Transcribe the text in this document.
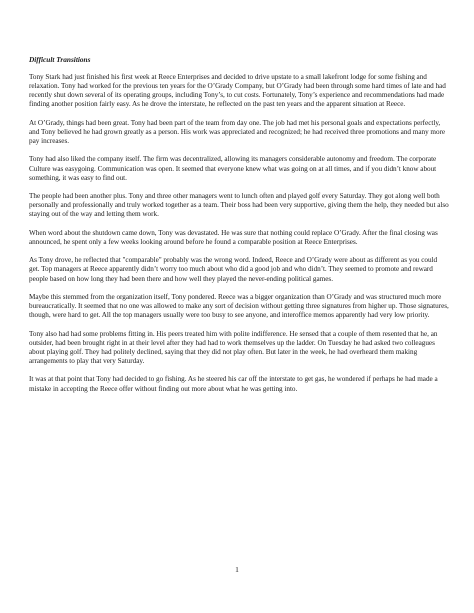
Difficult Transitions

Tony Stark had just finished his first week at Reece Enterprises and decided to drive upstate to a small lakefront lodge for some fishing and relaxation. Tony had worked for the previous ten years for the O’Grady Company, but O’Grady had been through some hard times of late and had recently shut down several of its operating groups, including Tony’s, to cut costs. Fortunately, Tony’s experience and recommendations had made finding another position fairly easy. As he drove the interstate, he reflected on the past ten years and the apparent situation at Reece.

At O’Grady, things had been great. Tony had been part of the team from day one. The job had met his personal goals and expectations perfectly, and Tony believed he had grown greatly as a person. His work was appreciated and recognized; he had received three promotions and many more pay increases.

Tony had also liked the company itself. The firm was decentralized, allowing its managers considerable autonomy and freedom. The corporate Culture was easygoing. Communication was open. It seemed that everyone knew what was going on at all times, and if you didn’t know about something, it was easy to find out.

The people had been another plus. Tony and three other managers went to lunch often and played golf every Saturday. They got along well both personally and professionally and truly worked together as a team. Their boss had been very supportive, giving them the help, they needed but also staying out of the way and letting them work.

When word about the shutdown came down, Tony was devastated. He was sure that nothing could replace O’Grady. After the final closing was announced, he spent only a few weeks looking around before he found a comparable position at Reece Enterprises.

As Tony drove, he reflected that "comparable" probably was the wrong word. Indeed, Reece and O’Grady were about as different as you could get. Top managers at Reece apparently didn’t worry too much about who did a good job and who didn’t. They seemed to promote and reward people based on how long they had been there and how well they played the never-ending political games.

Maybe this stemmed from the organization itself, Tony pondered. Reece was a bigger organization than O’Grady and was structured much more bureaucratically. It seemed that no one was allowed to make any sort of decision without getting three signatures from higher up. Those signatures, though, were hard to get. All the top managers usually were too busy to see anyone, and interoffice memos apparently had very low priority.

Tony also had had some problems fitting in. His peers treated him with polite indifference. He sensed that a couple of them resented that he, an outsider, had been brought right in at their level after they had had to work themselves up the ladder. On Tuesday he had asked two colleagues about playing golf. They had politely declined, saying that they did not play often. But later in the week, he had overheard them making arrangements to play that very Saturday.

It was at that point that Tony had decided to go fishing. As he steered his car off the interstate to get gas, he wondered if perhaps he had made a mistake in accepting the Reece offer without finding out more about what he was getting into.

1
